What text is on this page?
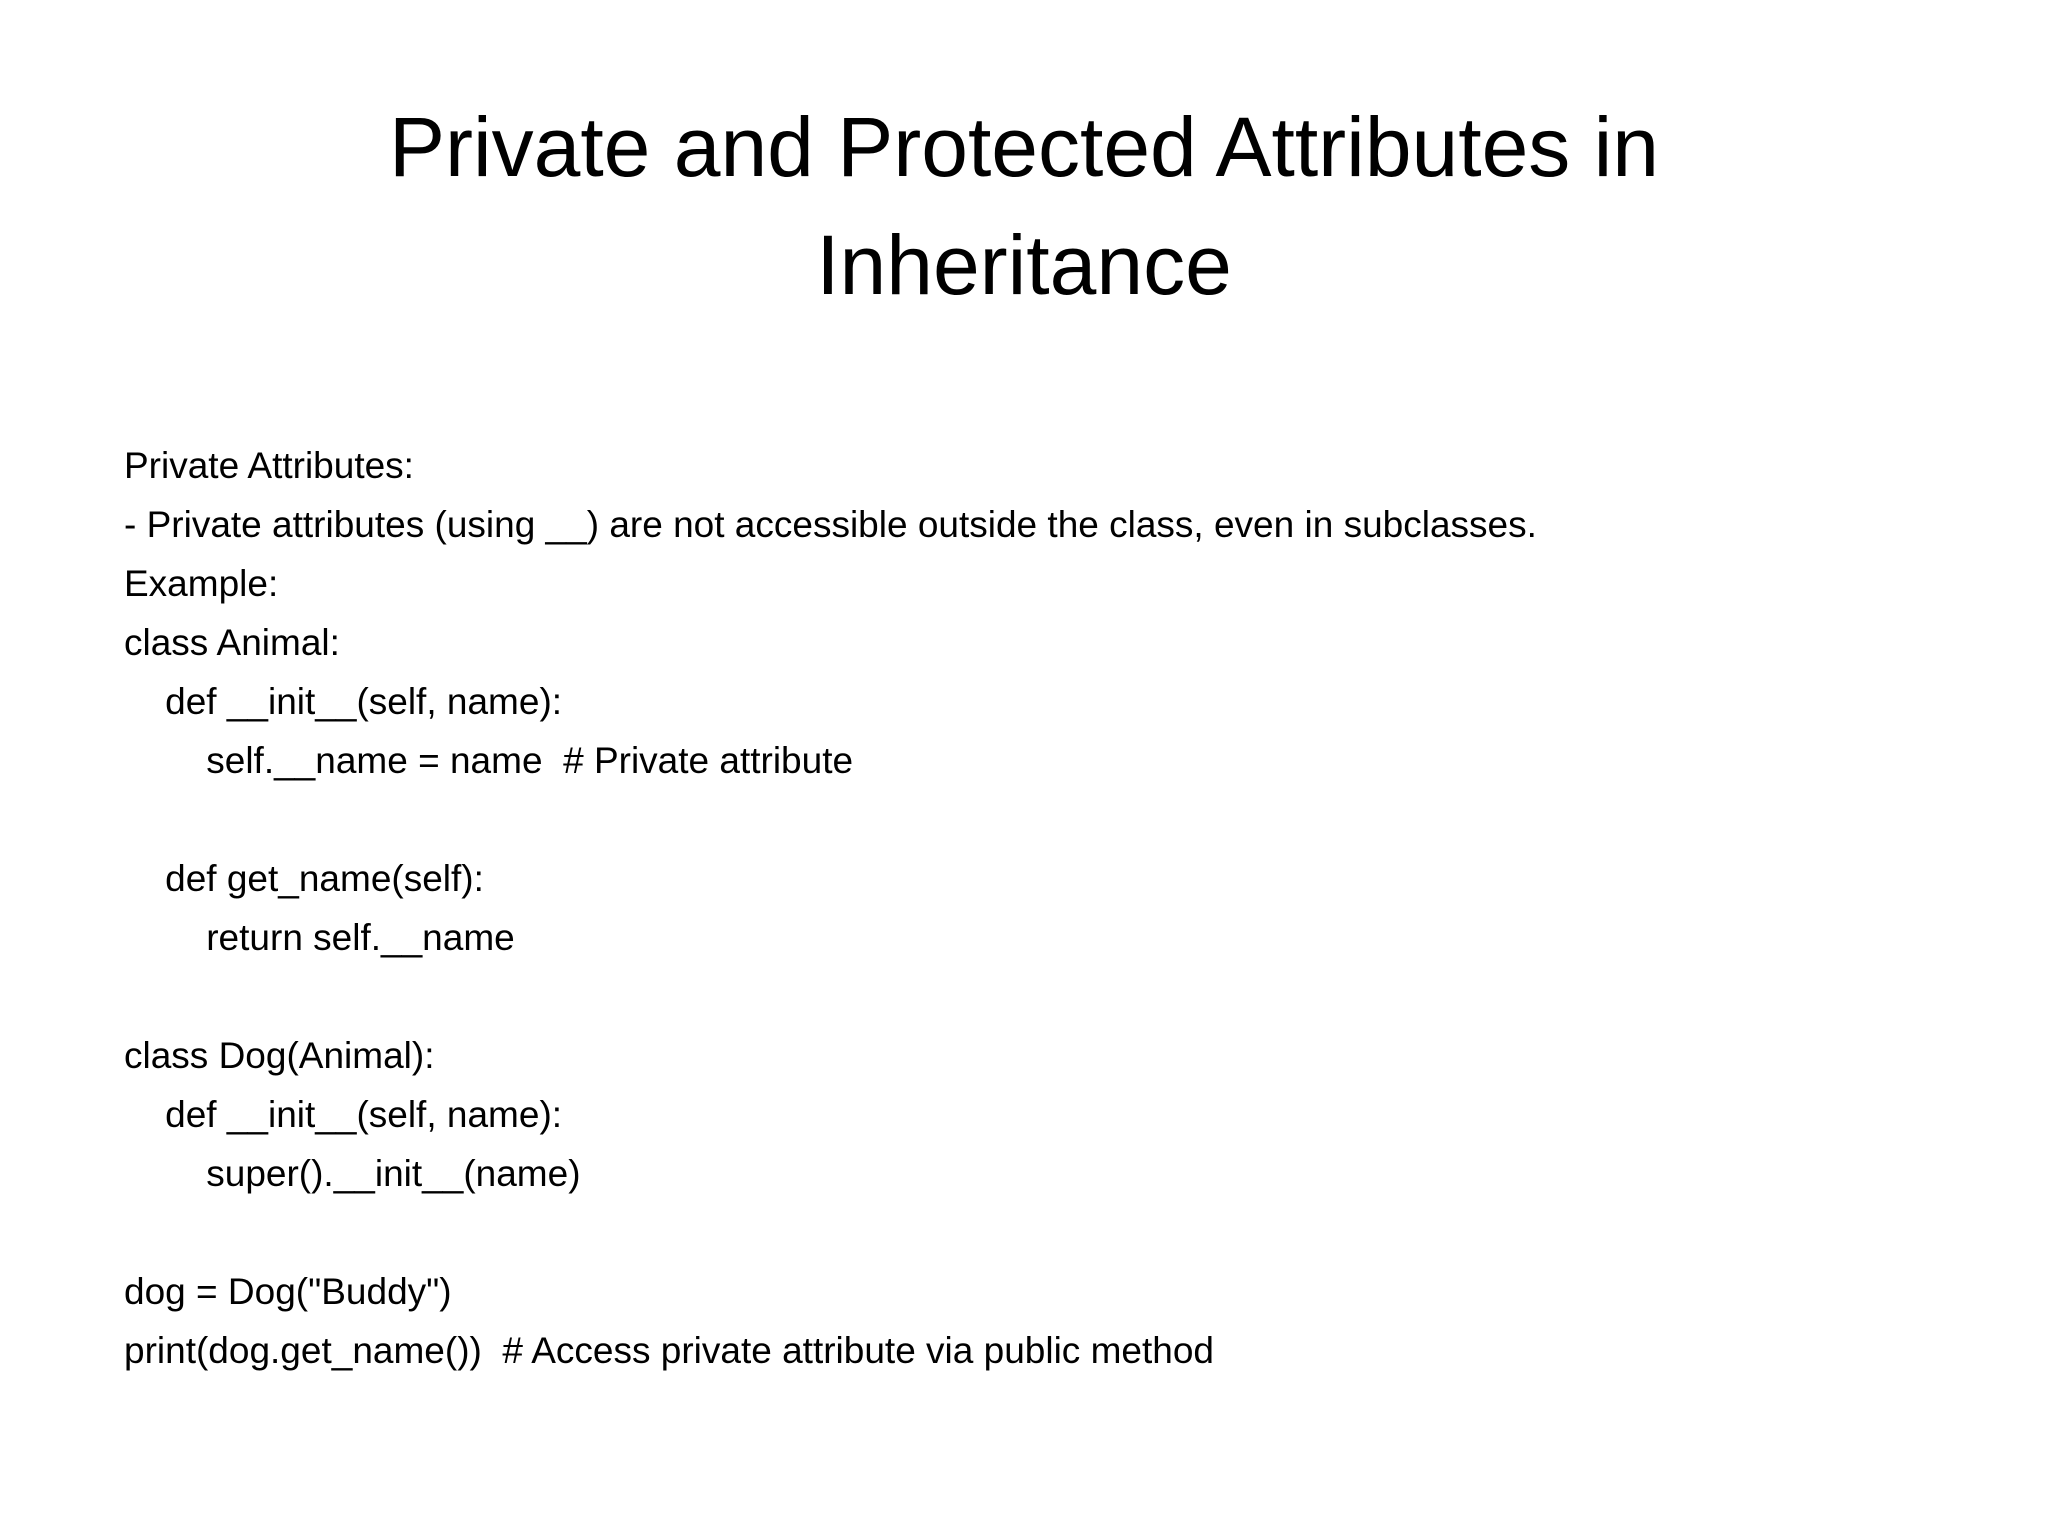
Private and Protected Attributes in
Inheritance
Private Attributes:
- Private attributes (using __) are not accessible outside the class, even in subclasses.
Example:
class Animal:
def __init__(self, name):
self.__name = name  # Private attribute
def get_name(self):
return self.__name
class Dog(Animal):
def __init__(self, name):
super().__init__(name)
dog = Dog("Buddy")
print(dog.get_name())  # Access private attribute via public method
